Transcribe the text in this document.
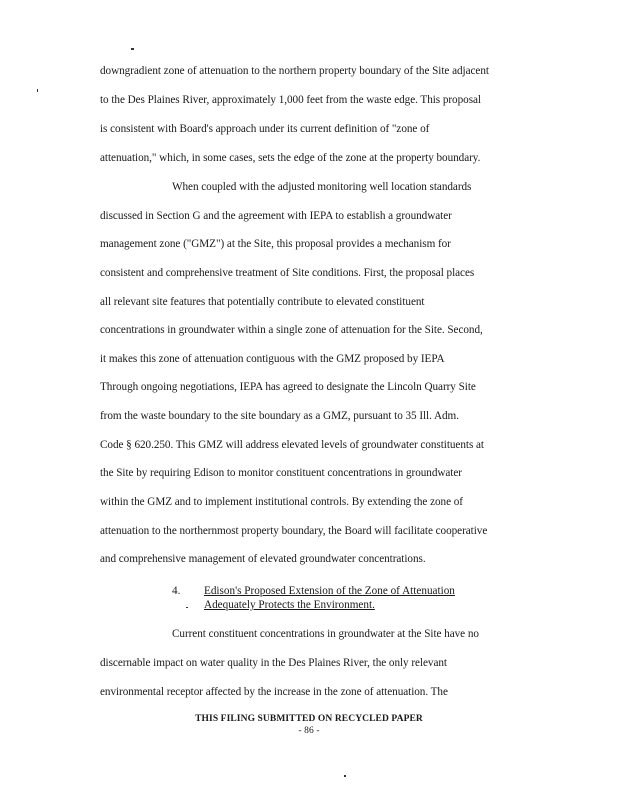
downgradient zone of attenuation to the northern property boundary of the Site adjacent
to the Des Plaines River, approximately 1,000 feet from the waste edge. This proposal
is consistent with Board's approach under its current definition of "zone of
attenuation," which, in some cases, sets the edge of the zone at the property boundary.
When coupled with the adjusted monitoring well location standards
discussed in Section G and the agreement with IEPA to establish a groundwater
management zone ("GMZ") at the Site, this proposal provides a mechanism for
consistent and comprehensive treatment of Site conditions. First, the proposal places
all relevant site features that potentially contribute to elevated constituent
concentrations in groundwater within a single zone of attenuation for the Site. Second,
it makes this zone of attenuation contiguous with the GMZ proposed by IEPA
Through ongoing negotiations, IEPA has agreed to designate the Lincoln Quarry Site
from the waste boundary to the site boundary as a GMZ, pursuant to 35 Ill. Adm.
Code § 620.250. This GMZ will address elevated levels of groundwater constituents at
the Site by requiring Edison to monitor constituent concentrations in groundwater
within the GMZ and to implement institutional controls. By extending the zone of
attenuation to the northernmost property boundary, the Board will facilitate cooperative
and comprehensive management of elevated groundwater concentrations.
4. Edison's Proposed Extension of the Zone of Attenuation
Adequately Protects the Environment.
Current constituent concentrations in groundwater at the Site have no
discernable impact on water quality in the Des Plaines River, the only relevant
environmental receptor affected by the increase in the zone of attenuation. The
THIS FILING SUBMITTED ON RECYCLED PAPER
- 86 -
